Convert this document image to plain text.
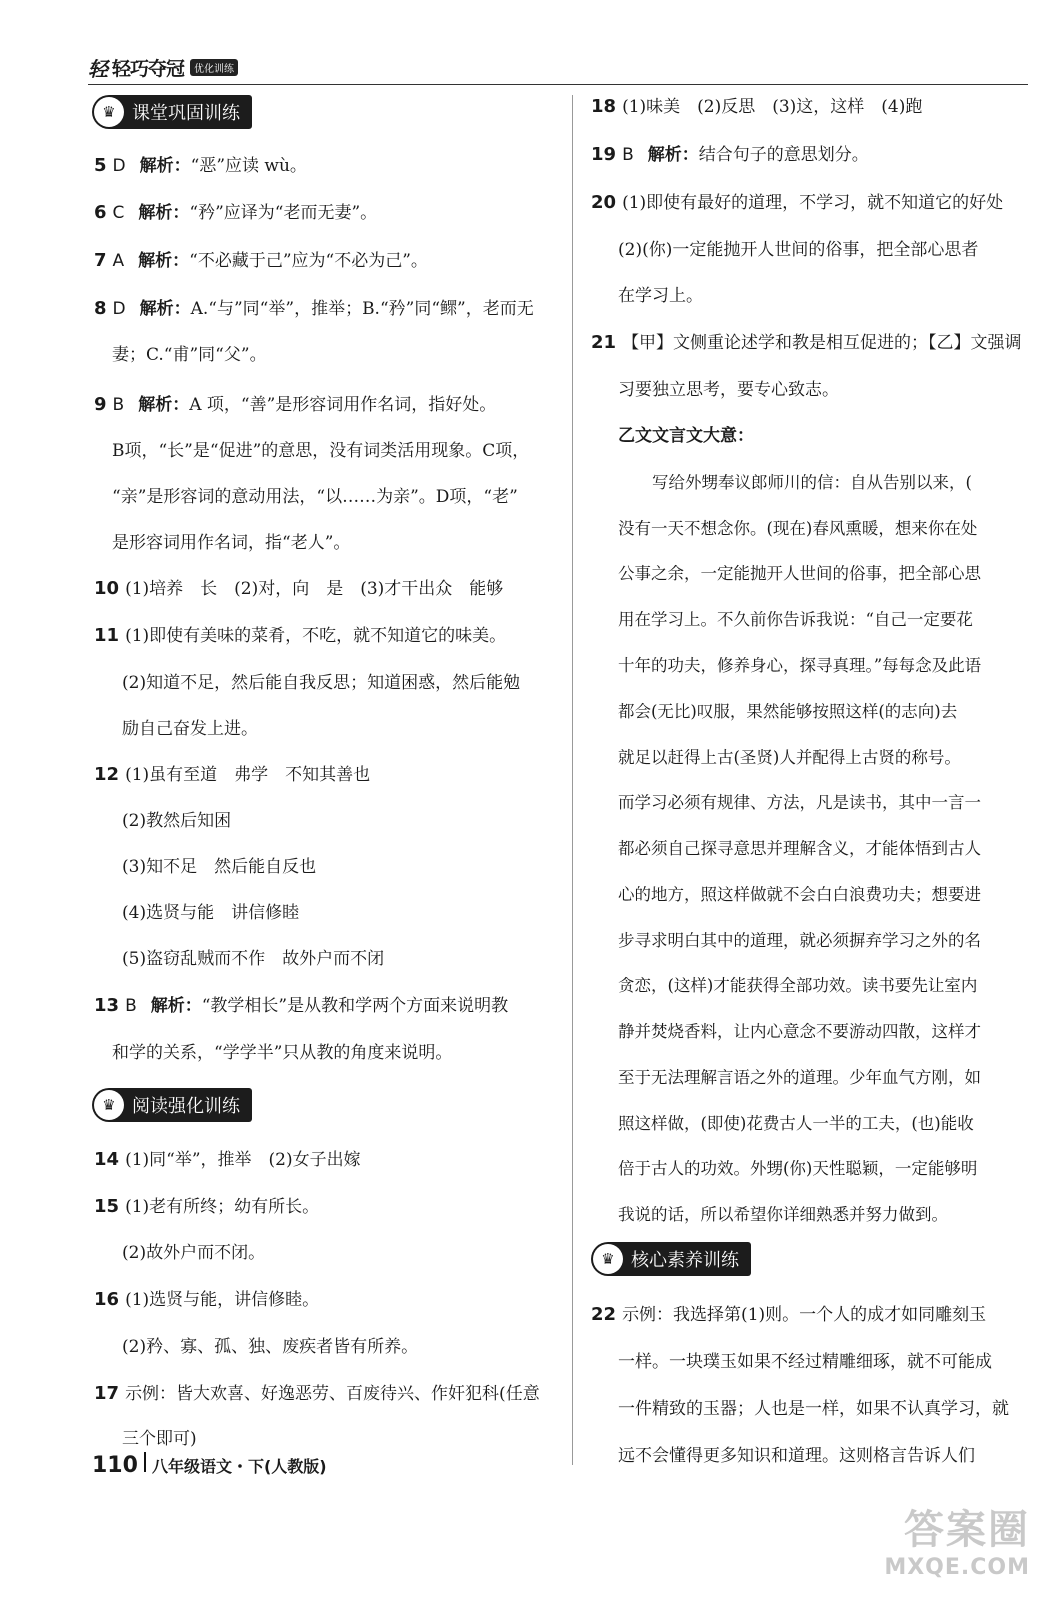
轻 轻巧夺冠	优化训练
♛ 课堂巩固训练
♛ 阅读强化训练
♛ 核心素养训练
5 D 解析：“恶”应读 wù。
6 C 解析：“矜”应译为“老而无妻”。
7 A 解析：“不必藏于己”应为“不必为己”。
8 D 解析：A.“与”同“举”，推举；B.“矜”同“鳏”，老而无
妻；C.“甫”同“父”。
9 B 解析：A 项，“善”是形容词用作名词，指好处。
B项，“长”是“促进”的意思，没有词类活用现象。C项，
“亲”是形容词的意动用法，“以……为亲”。D项，“老”
是形容词用作名词，指“老人”。
10 (1)培养　长　(2)对，向　是　(3)才干出众　能够
11 (1)即使有美味的菜肴，不吃，就不知道它的味美。
(2)知道不足，然后能自我反思；知道困惑，然后能勉
励自己奋发上进。
12 (1)虽有至道　弗学　不知其善也
(2)教然后知困
(3)知不足　然后能自反也
(4)选贤与能　讲信修睦
(5)盗窃乱贼而不作　故外户而不闭
13 B 解析：“教学相长”是从教和学两个方面来说明教
和学的关系，“学学半”只从教的角度来说明。
14 (1)同“举”，推举　(2)女子出嫁
15 (1)老有所终；幼有所长。
(2)故外户而不闭。
16 (1)选贤与能，讲信修睦。
(2)矜、寡、孤、独、废疾者皆有所养。
17 示例：皆大欢喜、好逸恶劳、百废待兴、作奸犯科(任意
三个即可)
18 (1)味美　(2)反思　(3)这，这样　(4)跑
19 B 解析：结合句子的意思划分。
20 (1)即使有最好的道理，不学习，就不知道它的好处
(2)(你)一定能抛开人世间的俗事，把全部心思者
在学习上。
21 【甲】文侧重论述学和教是相互促进的；【乙】文强调
习要独立思考，要专心致志。
乙文文言文大意：
写给外甥奉议郎师川的信：自从告别以来，(
没有一天不想念你。(现在)春风熏暖，想来你在处
公事之余，一定能抛开人世间的俗事，把全部心思
用在学习上。不久前你告诉我说：“自己一定要花
十年的功夫，修养身心，探寻真理。”每每念及此语
都会(无比)叹服，果然能够按照这样(的志向)去
就足以赶得上古(圣贤)人并配得上古贤的称号。
而学习必须有规律、方法，凡是读书，其中一言一
都必须自己探寻意思并理解含义，才能体悟到古人
心的地方，照这样做就不会白白浪费功夫；想要进
步寻求明白其中的道理，就必须摒弃学习之外的名
贪恋，(这样)才能获得全部功效。读书要先让室内
静并焚烧香料，让内心意念不要游动四散，这样才
至于无法理解言语之外的道理。少年血气方刚，如
照这样做，(即使)花费古人一半的工夫，(也)能收
倍于古人的功效。外甥(你)天性聪颖，一定能够明
我说的话，所以希望你详细熟悉并努力做到。
22 示例：我选择第(1)则。一个人的成才如同雕刻玉
一样。一块璞玉如果不经过精雕细琢，就不可能成
一件精致的玉器；人也是一样，如果不认真学习，就
远不会懂得更多知识和道理。这则格言告诉人们
110 八年级语文・下(人教版)
答案圈
MXQE.COM
